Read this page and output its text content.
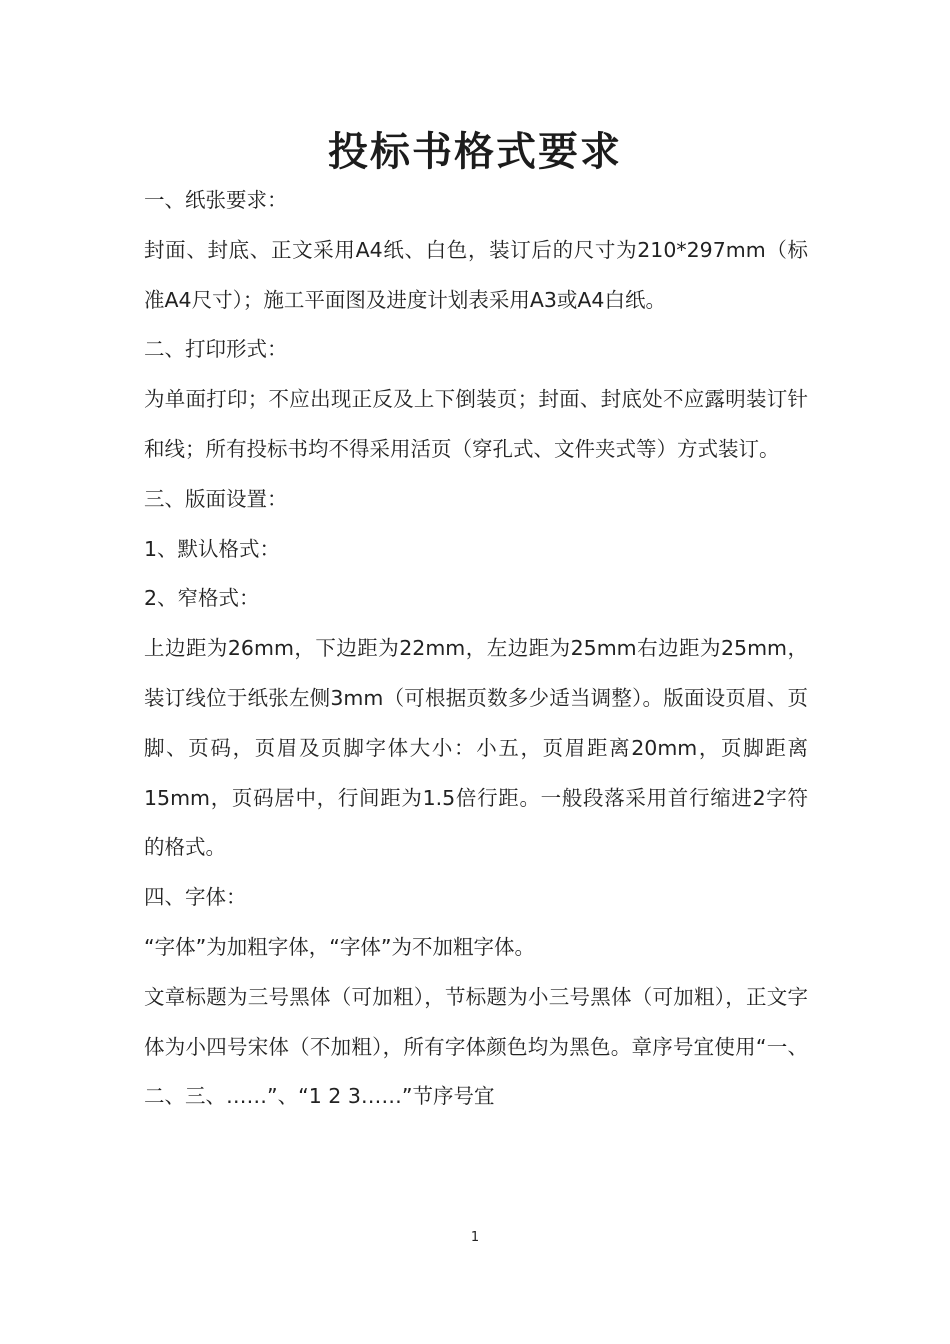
投标书格式要求

一、纸张要求：

封面、封底、正文采用A4纸、白色，装订后的尺寸为210*297mm（标准A4尺寸）；施工平面图及进度计划表采用A3或A4白纸。

二、打印形式：

为单面打印；不应出现正反及上下倒装页；封面、封底处不应露明装订针和线；所有投标书均不得采用活页（穿孔式、文件夹式等）方式装订。

三、版面设置：

1、默认格式：

2、窄格式：

上边距为26mm，下边距为22mm，左边距为25mm右边距为25mm，装订线位于纸张左侧3mm（可根据页数多少适当调整）。版面设页眉、页脚、页码，页眉及页脚字体大小：小五，页眉距离20mm，页脚距离15mm，页码居中，行间距为1.5倍行距。一般段落采用首行缩进2字符的格式。

四、字体：

“字体”为加粗字体，“字体”为不加粗字体。

文章标题为三号黑体（可加粗），节标题为小三号黑体（可加粗），正文字体为小四号宋体（不加粗），所有字体颜色均为黑色。章序号宜使用“一、二、三、……”、“1 2 3……”节序号宜

1
